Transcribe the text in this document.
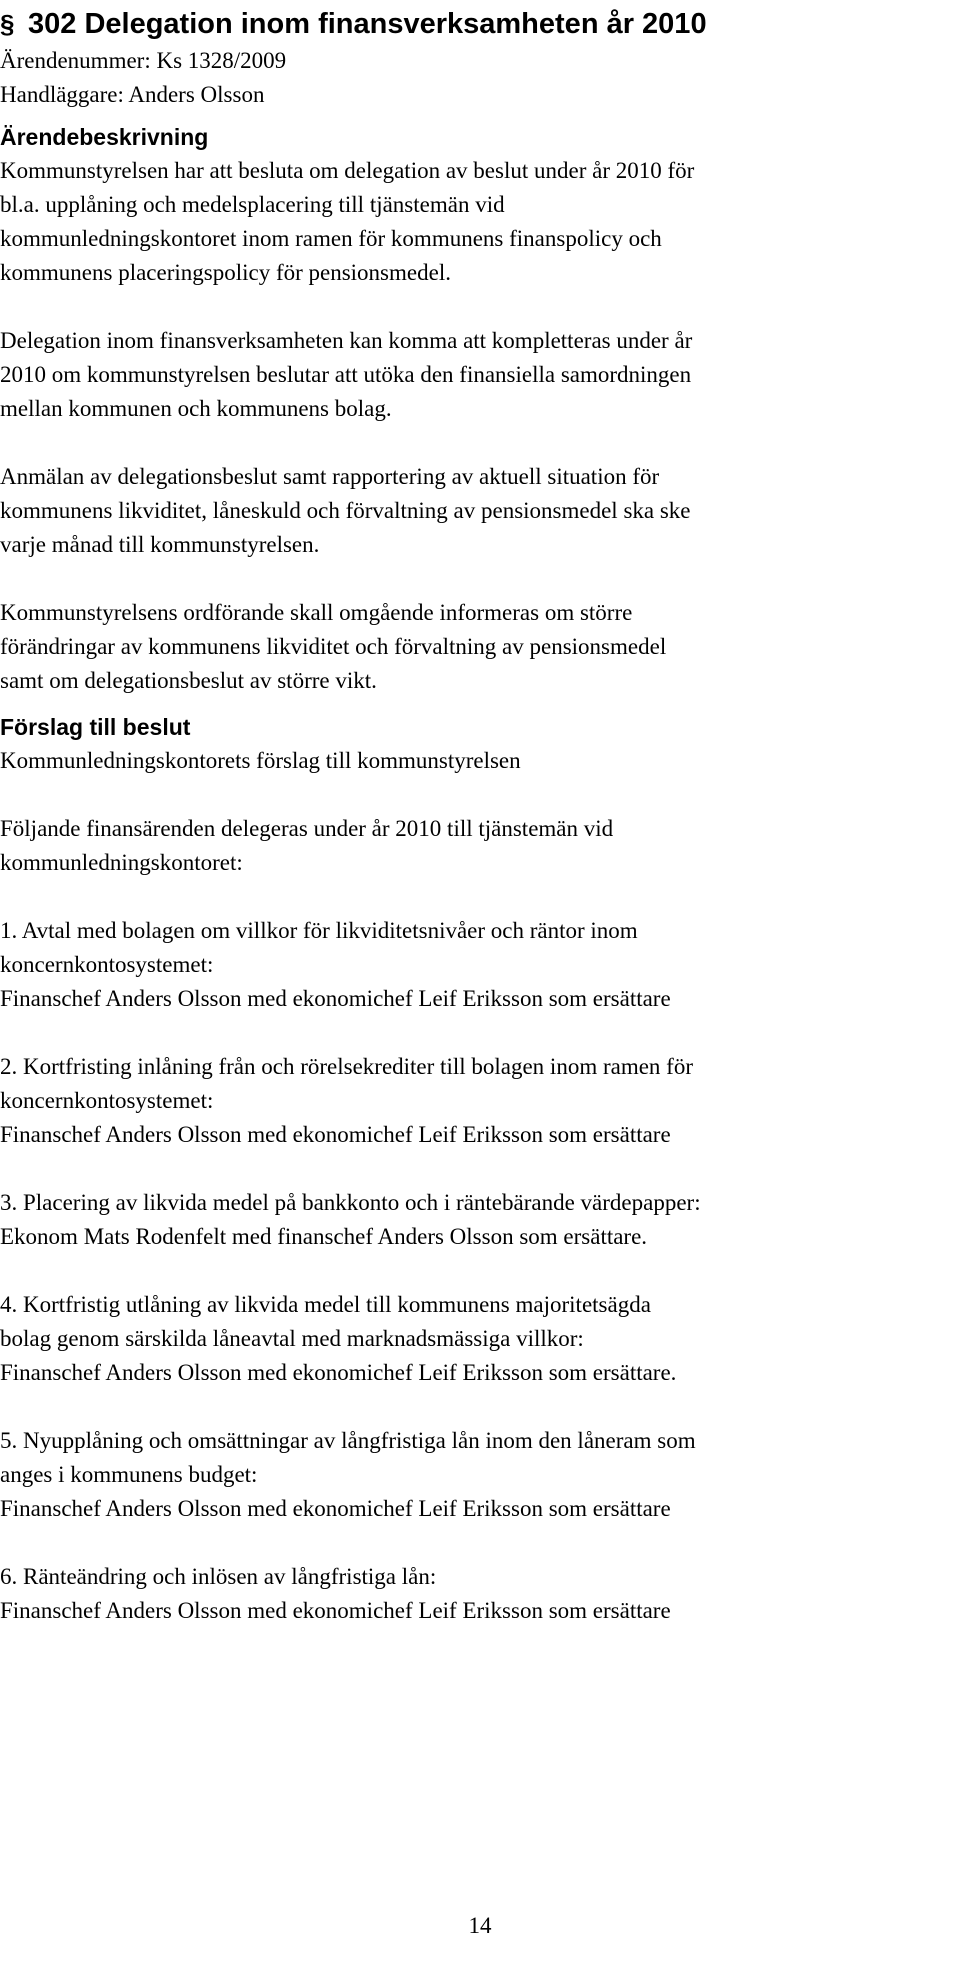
§ 302 Delegation inom finansverksamheten år 2010

Ärendenummer: Ks 1328/2009

Handläggare: Anders Olsson

Ärendebeskrivning

Kommunstyrelsen har att besluta om delegation av beslut under år 2010 för
bl.a. upplåning och medelsplacering till tjänstemän vid
kommunledningskontoret inom ramen för kommunens finanspolicy och
kommunens placeringspolicy för pensionsmedel.

Delegation inom finansverksamheten kan komma att kompletteras under år
2010 om kommunstyrelsen beslutar att utöka den finansiella samordningen
mellan kommunen och kommunens bolag.

Anmälan av delegationsbeslut samt rapportering av aktuell situation för
kommunens likviditet, låneskuld och förvaltning av pensionsmedel ska ske
varje månad till kommunstyrelsen.

Kommunstyrelsens ordförande skall omgående informeras om större
förändringar av kommunens likviditet och förvaltning av pensionsmedel
samt om delegationsbeslut av större vikt.

Förslag till beslut

Kommunledningskontorets förslag till kommunstyrelsen

Följande finansärenden delegeras under år 2010 till tjänstemän vid
kommunledningskontoret:

1. Avtal med bolagen om villkor för likviditetsnivåer och räntor inom
koncernkontosystemet:
Finanschef Anders Olsson med ekonomichef Leif Eriksson som ersättare

2. Kortfristing inlåning från och rörelsekrediter till bolagen inom ramen för
koncernkontosystemet:
Finanschef Anders Olsson med ekonomichef Leif Eriksson som ersättare

3. Placering av likvida medel på bankkonto och i räntebärande värdepapper:
Ekonom Mats Rodenfelt med finanschef Anders Olsson som ersättare.

4. Kortfristig utlåning av likvida medel till kommunens majoritetsägda
bolag genom särskilda låneavtal med marknadsmässiga villkor:
Finanschef Anders Olsson med ekonomichef Leif Eriksson som ersättare.

5. Nyupplåning och omsättningar av långfristiga lån inom den låneram som
anges i kommunens budget:
Finanschef Anders Olsson med ekonomichef Leif Eriksson som ersättare

6. Ränteändring och inlösen av långfristiga lån:
Finanschef Anders Olsson med ekonomichef Leif Eriksson som ersättare

14
